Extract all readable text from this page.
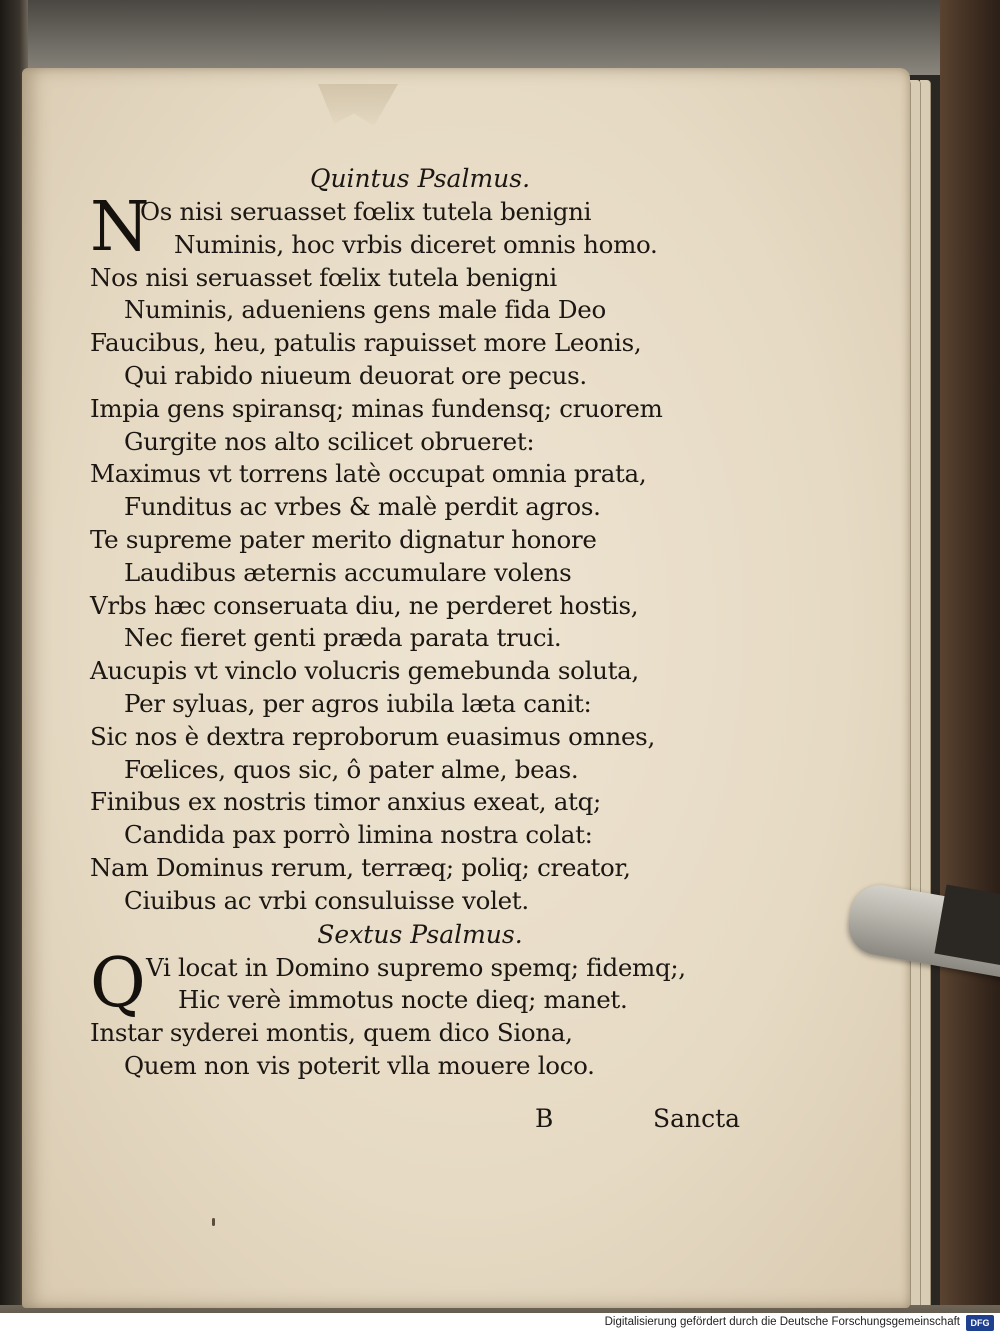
Quintus Psalmus.
N
Os nisi seruasset fœlix tutela benigni
Numinis, hoc vrbis diceret omnis homo.
Nos nisi seruasset fœlix tutela benigni
Numinis, adueniens gens male fida Deo
Faucibus, heu, patulis rapuisset more Leonis,
Qui rabido niueum deuorat ore pecus.
Impia gens spiransq; minas fundensq; cruorem
Gurgite nos alto scilicet obrueret:
Maximus vt torrens latè occupat omnia prata,
Funditus ac vrbes & malè perdit agros.
Te supreme pater merito dignatur honore
Laudibus æternis accumulare volens
Vrbs hæc conseruata diu, ne perderet hostis,
Nec fieret genti præda parata truci.
Aucupis vt vinclo volucris gemebunda soluta,
Per syluas, per agros iubila læta canit:
Sic nos è dextra reproborum euasimus omnes,
Fœlices, quos sic, ô pater alme, beas.
Finibus ex nostris timor anxius exeat, atq;
Candida pax porrò limina nostra colat:
Nam Dominus rerum, terræq; poliq; creator,
Ciuibus ac vrbi consuluisse volet.
Sextus Psalmus.
Q Vi locat in Domino supremo spemq; fidemq;,
Hic verè immotus nocte dieq; manet.
Instar syderei montis, quem dico Siona,
Quem non vis poterit vlla mouere loco.
B	Sancta
Digitalisierung gefördert durch die Deutsche Forschungsgemeinschaft	DFG
